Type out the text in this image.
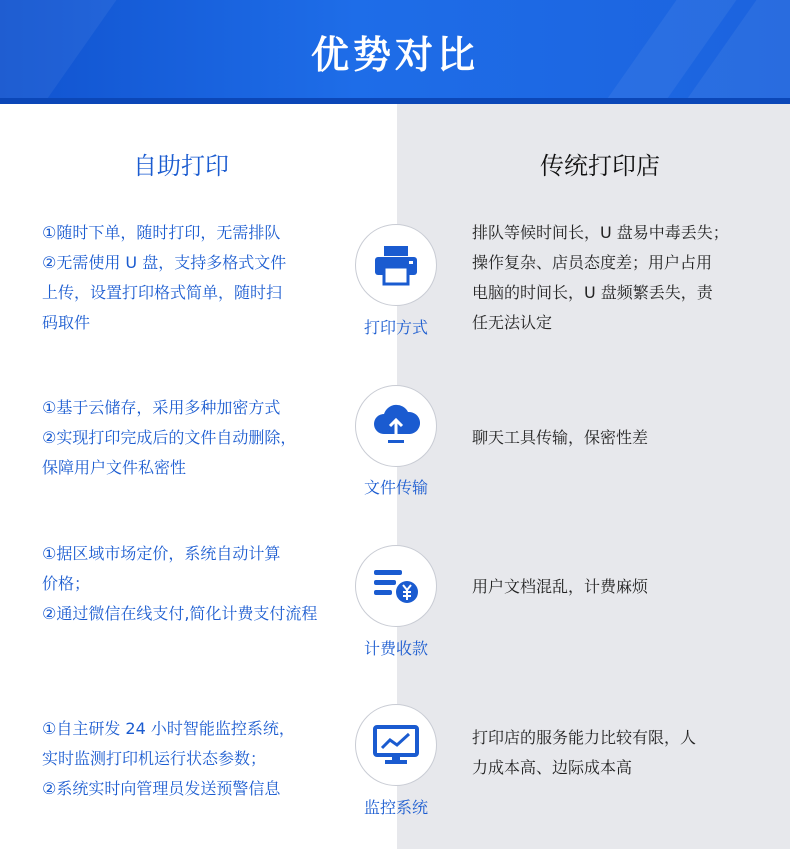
优势对比
自助打印	传统打印店
①随时下单，随时打印，无需排队
②无需使用 U 盘，支持多格式文件
上传，设置打印格式简单，随时扫
码取件	打印方式
排队等候时间长，U 盘易中毒丢失；
操作复杂、店员态度差；用户占用
电脑的时间长，U 盘频繁丢失，责
任无法认定
①基于云储存，采用多种加密方式
②实现打印完成后的文件自动删除，
保障用户文件私密性
文件传输
聊天工具传输，保密性差
①据区域市场定价，系统自动计算
价格；
②通过微信在线支付,简化计费支付流程
计费收款
用户文档混乱，计费麻烦
①自主研发 24 小时智能监控系统，
实时监测打印机运行状态参数；
②系统实时向管理员发送预警信息
监控系统
打印店的服务能力比较有限，人
力成本高、边际成本高
